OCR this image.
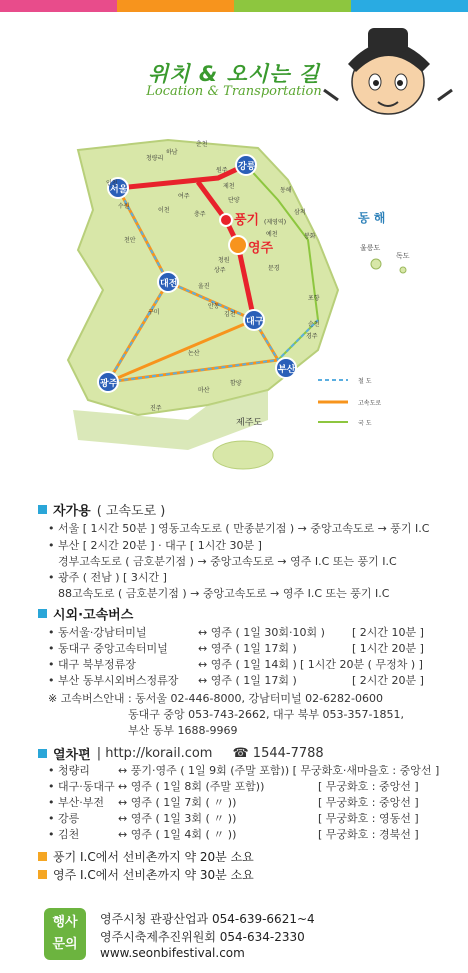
위치 & 오시는 길
Location & Transportation
제주도
울릉도
독도
동 해
서울
강릉
대전
대구
광주
부산
영주
풍기 (제영역)
인천
수원
청량리
하남
춘천
원주
제천
단양
동해
삼척
천안
이천
여주
충주
청원
예천	봉화
울진
상주	문경
안동
김천
구미
논산
함양
마산
진주
순천
포항
경주
철 도
고속도로
국 도
자가용 ( 고속도로 )
• 서울 [ 1시간 50분 ] 영동고속도로 ( 만종분기점 ) → 중앙고속도로 → 풍기 I.C
• 부산 [ 2시간 20분 ] · 대구 [ 1시간 30분 ]
경부고속도로 ( 금호분기점 ) → 중앙고속도로 → 영주 I.C 또는 풍기 I.C
• 광주 ( 전남 ) [ 3시간 ]
88고속도로 ( 금호분기점 ) → 중앙고속도로 → 영주 I.C 또는 풍기 I.C
시외·고속버스
• 동서울·강남터미널	↔ 영주 ( 1일 30회·10회 ) [ 2시간 10분 ]
• 동대구 중앙고속터미널	↔ 영주 ( 1일 17회 )	[ 1시간 20분 ]
• 대구 북부정류장	↔ 영주 ( 1일 14회 ) [ 1시간 20분 ( 무정차 ) ]
• 부산 동부시외버스정류장 ↔ 영주 ( 1일 17회 )	[ 2시간 20분 ]
※ 고속버스안내 : 동서울 02-446-8000, 강남터미널 02-6282-0600
동대구 중앙 053-743-2662, 대구 북부 053-357-1851,
부산 동부 1688-9969
열차편 | http://korail.com ☎ 1544-7788
• 청량리	↔ 풍기·영주 ( 1일 9회 (주말 포함)) [ 무궁화호·새마을호 : 중앙선 ]
• 대구·동대구 ↔ 영주 ( 1일 8회 (주말 포함))	[ 무궁화호 : 중앙선 ]
• 부산·부전 ↔ 영주 ( 1일 7회 ( 〃 ))	[ 무궁화호 : 중앙선 ]
• 강릉	↔ 영주 ( 1일 3회 ( 〃 ))	[ 무궁화호 : 영동선 ]
• 김천	↔ 영주 ( 1일 4회 ( 〃 ))	[ 무궁화호 : 경북선 ]
풍기 I.C에서 선비촌까지 약 20분 소요
영주 I.C에서 선비촌까지 약 30분 소요
행사
문의
영주시청 관광산업과 054-639-6621~4
영주시축제추진위원회 054-634-2330
www.seonbifestival.com
